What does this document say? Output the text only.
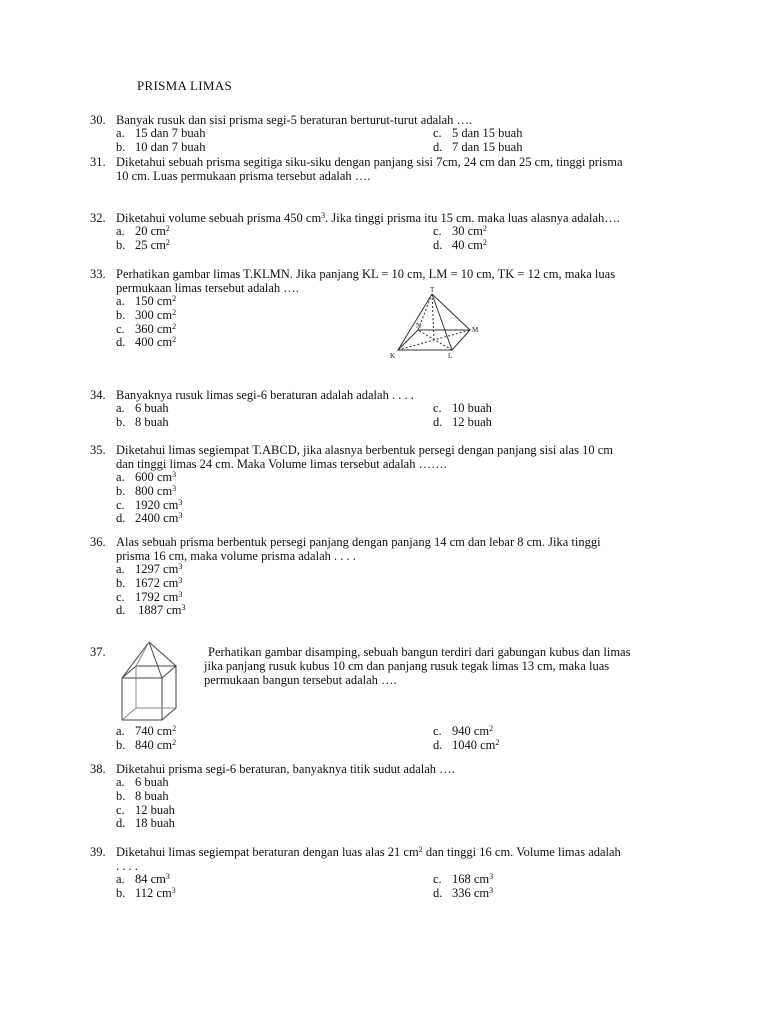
PRISMA LIMAS
30. Banyak rusuk dan sisi prisma segi-5 beraturan berturut-turut adalah ….
a. 15 dan 7 buah	c. 5 dan 15 buah
b. 10 dan 7 buah	d. 7 dan 15 buah
31. Diketahui sebuah prisma segitiga siku-siku dengan panjang sisi 7cm, 24 cm dan 25 cm, tinggi prisma
10 cm. Luas permukaan prisma tersebut adalah ….
32. Diketahui volume sebuah prisma 450 $cm^3$. Jika tinggi prisma itu 15 cm. maka luas alasnya adalah….
a. 20 $cm^2$	c. 30 $cm^2$
b. 25 $cm^2$	d. 40 $cm^2$
33. Perhatikan gambar limas T.KLMN. Jika panjang KL = 10 cm, LM = 10 cm, TK = 12 cm, maka luas
permukaan limas tersebut adalah ….
a. 150 $cm^2$
b. 300 $cm^2$
c. 360 $cm^2$
d. 400 $cm^2$
T
N	M
K	L
34. Banyaknya rusuk limas segi-6 beraturan adalah adalah . . . .
a. 6 buah	c. 10 buah
b. 8 buah	d. 12 buah
35. Diketahui limas segiempat T.ABCD, jika alasnya berbentuk persegi dengan panjang sisi alas 10 cm
dan tinggi limas 24 cm. Maka Volume limas tersebut adalah …….
a. 600 $cm^3$
b. 800 $cm^3$
c. 1920 $cm^3$
d. 2400 $cm^3$
36. Alas sebuah prisma berbentuk persegi panjang dengan panjang 14 cm dan lebar 8 cm. Jika tinggi
prisma 16 cm, maka volume prisma adalah . . . .
a. 1297 $cm^3$
b. 1672 $cm^3$
c. 1792 $cm^3$
d. 1887 $cm^3$
37.	Perhatikan gambar disamping, sebuah bangun terdiri dari gabungan kubus dan limas
jika panjang rusuk kubus 10 cm dan panjang rusuk tegak limas 13 cm, maka luas
permukaan bangun tersebut adalah ….
a. 740 $cm^2$	c. 940 $cm^2$
b. 840 $cm^2$	d. 1040 $cm^2$
38. Diketahui prisma segi-6 beraturan, banyaknya titik sudut adalah ….
a. 6 buah
b. 8 buah
c. 12 buah
d. 18 buah
39. Diketahui limas segiempat beraturan dengan luas alas 21 $cm^2$ dan tinggi 16 cm. Volume limas adalah
. . . .
a. 84 $cm^3$	c. 168 $cm^3$
b. 112 $cm^3$	d. 336 $cm^3$
